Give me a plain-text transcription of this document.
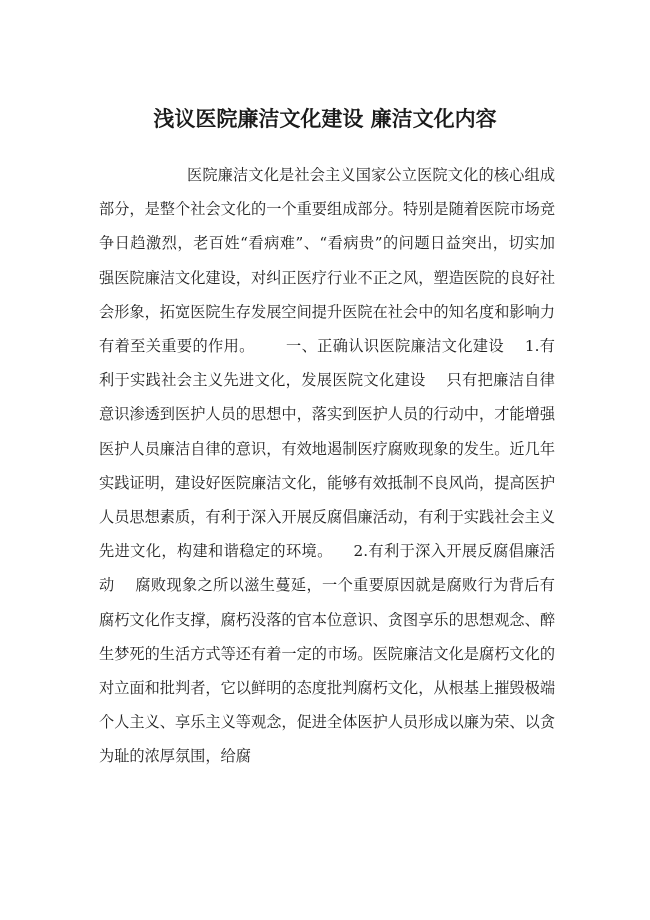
浅议医院廉洁文化建设 廉洁文化内容

医院廉洁文化是社会主义国家公立医院文化的核心组成部分，是整个社会文化的一个重要组成部分。特别是随着医院市场竞争日趋激烈，老百姓“看病难”、“看病贵”的问题日益突出，切实加强医院廉洁文化建设，对纠正医疗行业不正之风，塑造医院的良好社会形象，拓宽医院生存发展空间提升医院在社会中的知名度和影响力有着至关重要的作用。      一、正确认识医院廉洁文化建设    1.有利于实践社会主义先进文化，发展医院文化建设    只有把廉洁自律意识渗透到医护人员的思想中，落实到医护人员的行动中，才能增强医护人员廉洁自律的意识，有效地遏制医疗腐败现象的发生。近几年实践证明，建设好医院廉洁文化，能够有效抵制不良风尚，提高医护人员思想素质，有利于深入开展反腐倡廉活动，有利于实践社会主义先进文化，构建和谐稳定的环境。    2.有利于深入开展反腐倡廉活动    腐败现象之所以滋生蔓延，一个重要原因就是腐败行为背后有腐朽文化作支撑，腐朽没落的官本位意识、贪图享乐的思想观念、醉生梦死的生活方式等还有着一定的市场。医院廉洁文化是腐朽文化的对立面和批判者，它以鲜明的态度批判腐朽文化，从根基上摧毁极端个人主义、享乐主义等观念，促进全体医护人员形成以廉为荣、以贪为耻的浓厚氛围，给腐
